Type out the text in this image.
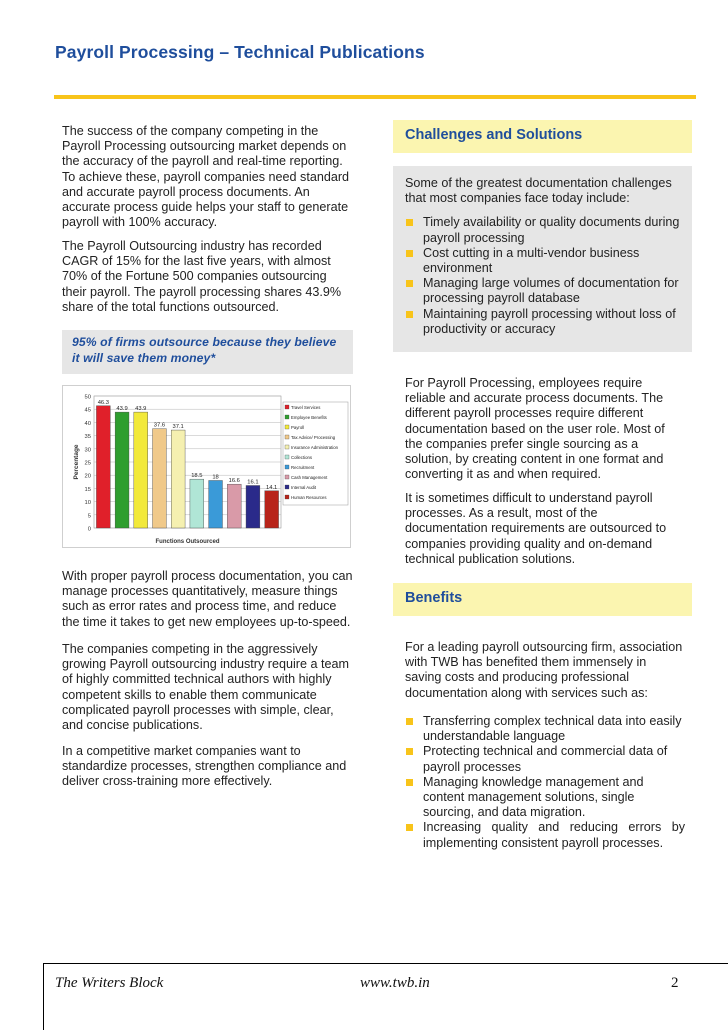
Payroll Processing – Technical Publications

The success of the company competing in the Payroll Processing outsourcing market depends on the accuracy of the payroll and real-time reporting. To achieve these, payroll companies need standard and accurate payroll process documents. An accurate process guide helps your staff to generate payroll with 100% accuracy.

The Payroll Outsourcing industry has recorded CAGR of 15% for the last five years, with almost 70% of the Fortune 500 companies outsourcing their payroll. The payroll processing shares 43.9% share of the total functions outsourced.

95% of firms outsource because they believe it will save them money*
0
5
10
15
20
25
30
35
40
45
50
Percentage
46.3
43.9 43.9
37.6 37.1
18.5 18
16.6 16.1
14.1
Functions Outsourced
Travel Services
Employee Benefits
Payroll
Tax Advice/ Processing
Insurance Administration
Collections
Recruitment
Cash Management
Internal Audit
Human Resources

With proper payroll process documentation, you can manage processes quantitatively, measure things such as error rates and process time, and reduce the time it takes to get new employees up-to-speed.

The companies competing in the aggressively growing Payroll outsourcing industry require a team of highly committed technical authors with highly competent skills to enable them communicate complicated payroll processes with simple, clear, and concise publications.

In a competitive market companies want to standardize processes, strengthen compliance and deliver cross-training more effectively.

Challenges and Solutions

Some of the greatest documentation challenges that most companies face today include:

Timely availability or quality documents during payroll processing
Cost cutting in a multi-vendor business environment
Managing large volumes of documentation for processing payroll database
Maintaining payroll processing without loss of productivity or accuracy

For Payroll Processing, employees require reliable and accurate process documents. The different payroll processes require different documentation based on the user role. Most of the companies prefer single sourcing as a solution, by creating content in one format and converting it as and when required.

It is sometimes difficult to understand payroll processes. As a result, most of the documentation requirements are outsourced to companies providing quality and on-demand technical publication solutions.

Benefits

For a leading payroll outsourcing firm, association with TWB has benefited them immensely in saving costs and producing professional documentation along with services such as:

Transferring complex technical data into easily understandable language
Protecting technical and commercial data of payroll processes
Managing knowledge management and content management solutions, single sourcing, and data migration.
Increasing quality and reducing errors by implementing consistent payroll processes.
The Writers Block	www.twb.in	2
